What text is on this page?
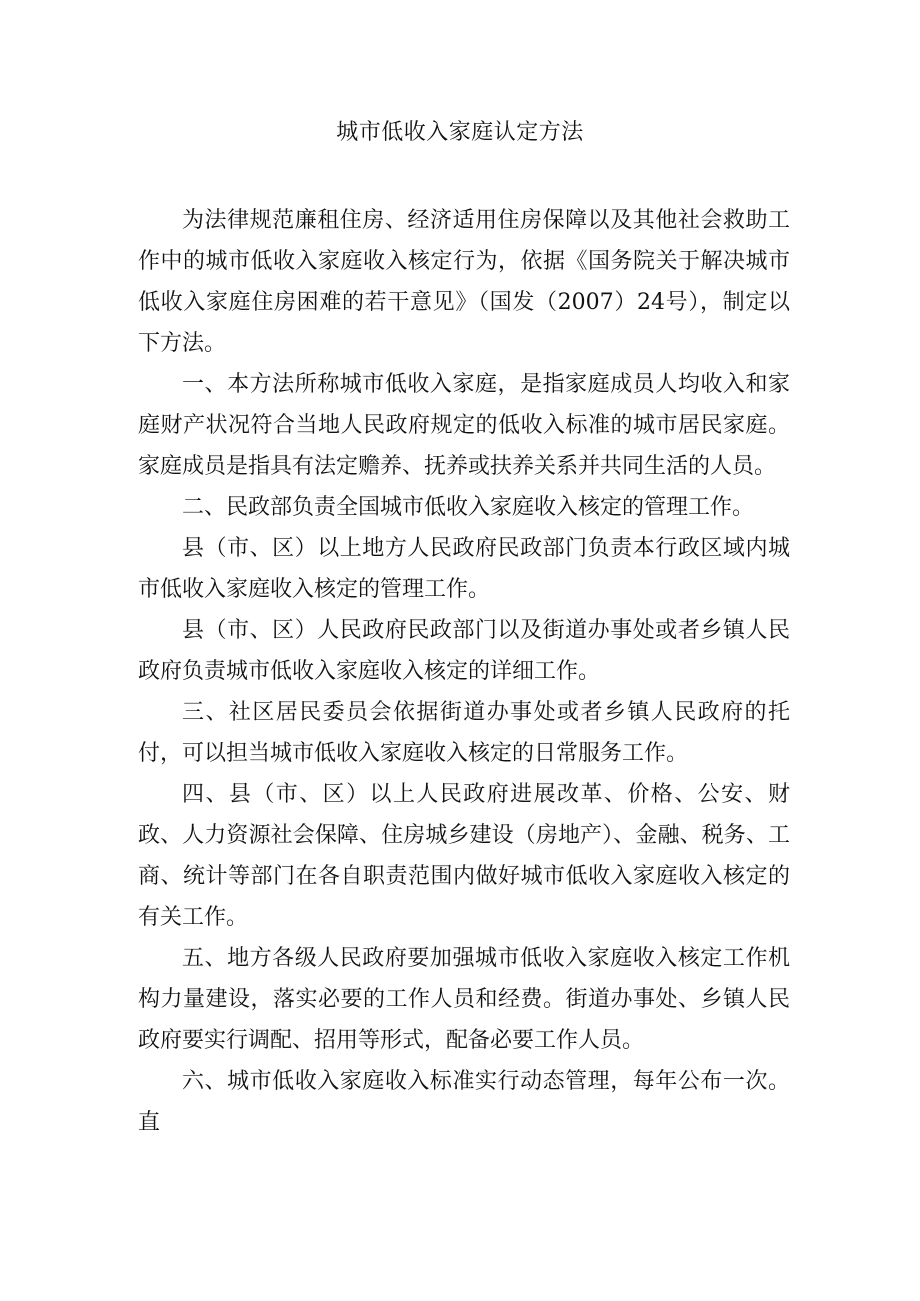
城市低收入家庭认定方法

为法律规范廉租住房、经济适用住房保障以及其他社会救助工作中的城市低收入家庭收入核定行为，依据《国务院关于解决城市低收入家庭住房困难的若干意见》（国发（2007）24号），制定以下方法。

一、本方法所称城市低收入家庭，是指家庭成员人均收入和家庭财产状况符合当地人民政府规定的低收入标准的城市居民家庭。家庭成员是指具有法定赡养、抚养或扶养关系并共同生活的人员。

二、民政部负责全国城市低收入家庭收入核定的管理工作。

县（市、区）以上地方人民政府民政部门负责本行政区域内城市低收入家庭收入核定的管理工作。

县（市、区）人民政府民政部门以及街道办事处或者乡镇人民政府负责城市低收入家庭收入核定的详细工作。

三、社区居民委员会依据街道办事处或者乡镇人民政府的托付，可以担当城市低收入家庭收入核定的日常服务工作。

四、县（市、区）以上人民政府进展改革、价格、公安、财政、人力资源社会保障、住房城乡建设（房地产）、金融、税务、工商、统计等部门在各自职责范围内做好城市低收入家庭收入核定的有关工作。

五、地方各级人民政府要加强城市低收入家庭收入核定工作机构力量建设，落实必要的工作人员和经费。街道办事处、乡镇人民政府要实行调配、招用等形式，配备必要工作人员。

六、城市低收入家庭收入标准实行动态管理，每年公布一次。直
